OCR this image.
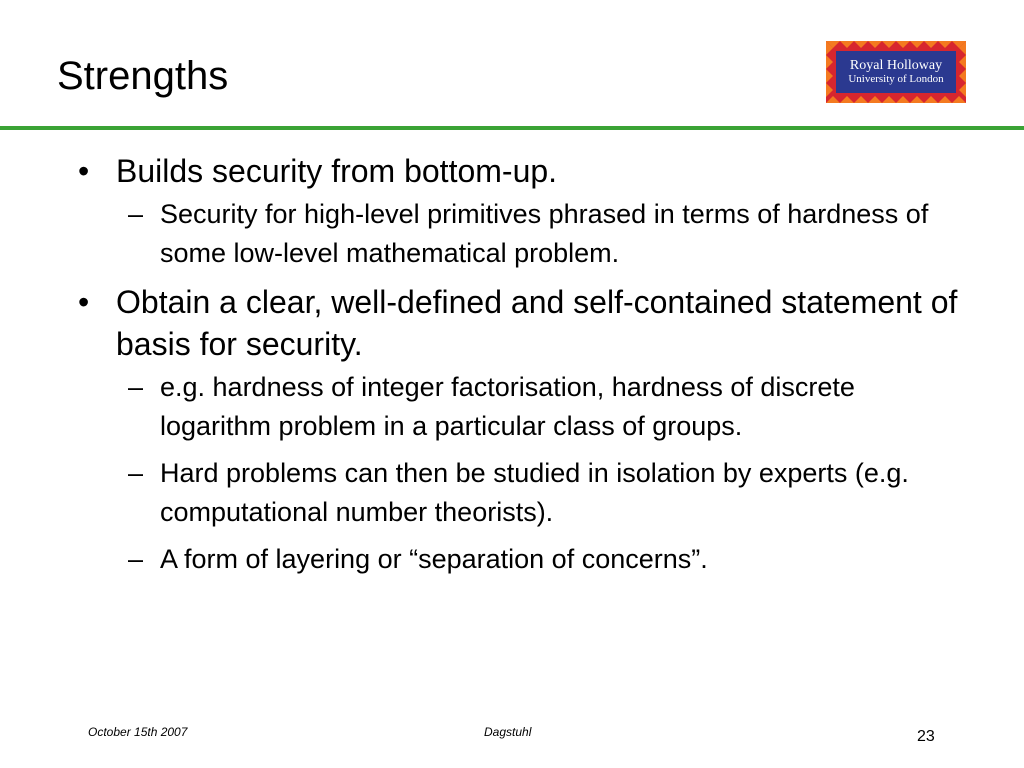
Strengths	Royal Holloway
University of London

• Builds security from bottom-up.

– Security for high-level primitives phrased in terms of hardness of some low-level mathematical problem.

• Obtain a clear, well-defined and self-contained statement of basis for security.

– e.g. hardness of integer factorisation, hardness of discrete logarithm problem in a particular class of groups.

– Hard problems can then be studied in isolation by experts (e.g. computational number theorists).

– A form of layering or “separation of concerns”.

October 15th 2007	Dagstuhl	23
